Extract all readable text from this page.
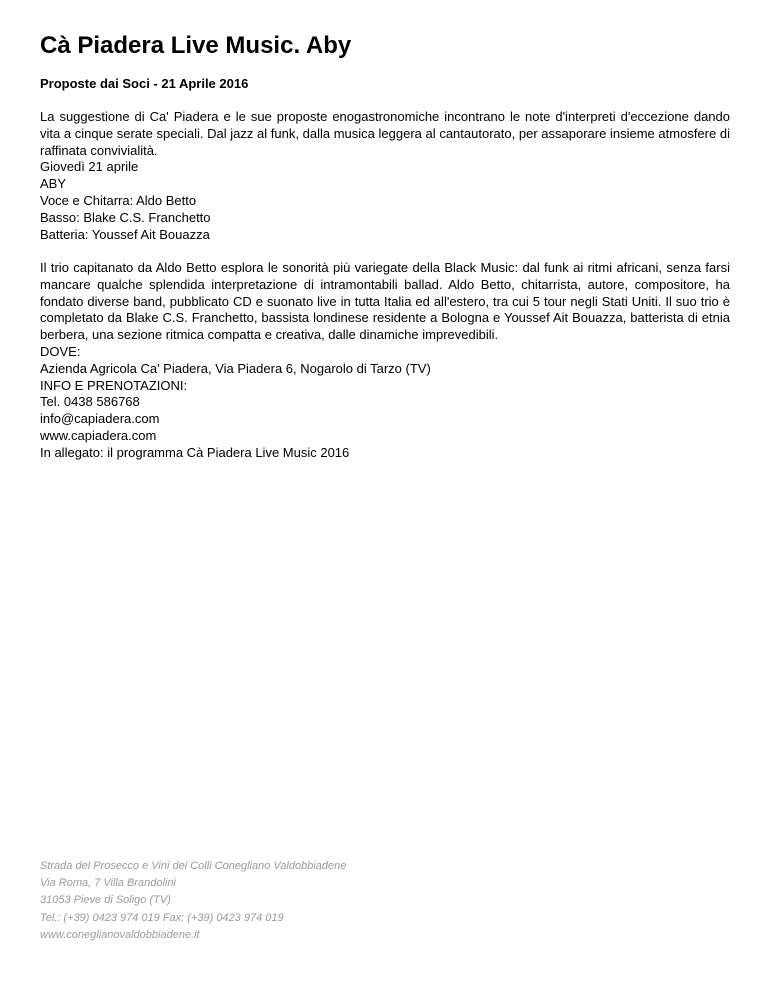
Cà Piadera Live Music. Aby
Proposte dai Soci - 21 Aprile 2016
La suggestione di Ca' Piadera e le sue proposte enogastronomiche incontrano le note d'interpreti d'eccezione dando vita a cinque serate speciali. Dal jazz al funk, dalla musica leggera al cantautorato, per assaporare insieme atmosfere di raffinata convivialità.
Giovedì 21 aprile
ABY
Voce e Chitarra: Aldo Betto
Basso: Blake C.S. Franchetto
Batteria: Youssef Ait Bouazza
Il trio capitanato da Aldo Betto esplora le sonorità più variegate della Black Music: dal funk ai ritmi africani, senza farsi mancare qualche splendida interpretazione di intramontabili ballad. Aldo Betto, chitarrista, autore, compositore, ha fondato diverse band, pubblicato CD e suonato live in tutta Italia ed all'estero, tra cui 5 tour negli Stati Uniti. Il suo trio è completato da Blake C.S. Franchetto, bassista londinese residente a Bologna e Youssef Ait Bouazza, batterista di etnia berbera, una sezione ritmica compatta e creativa, dalle dinamiche imprevedibili.
DOVE:
Azienda Agricola Ca' Piadera, Via Piadera 6, Nogarolo di Tarzo (TV)
INFO E PRENOTAZIONI:
Tel. 0438 586768
info@capiadera.com
www.capiadera.com
In allegato: il programma Cà Piadera Live Music 2016
Strada del Prosecco e Vini dei Colli Conegliano Valdobbiadene
Via Roma, 7 Villa Brandolini
31053 Pieve di Soligo (TV)
Tel.: (+39) 0423 974 019 Fax: (+39) 0423 974 019
www.coneglianovaldobbiadene.it
